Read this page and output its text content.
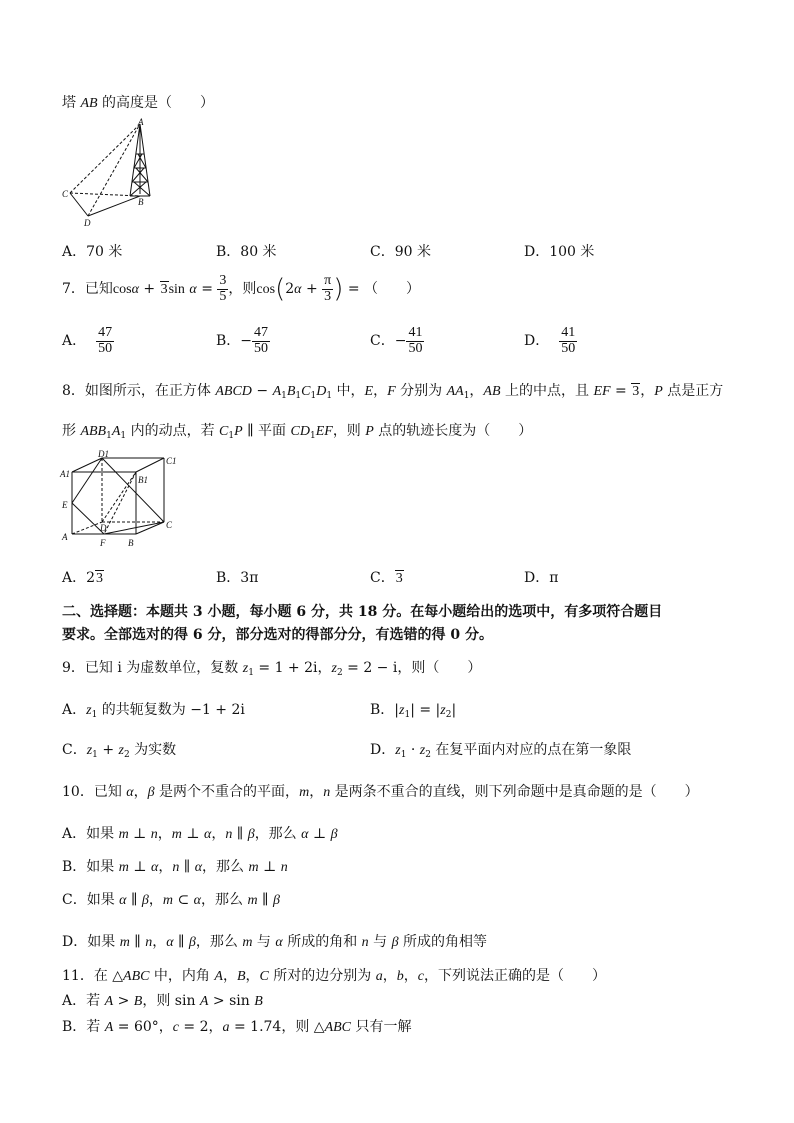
塔 AB 的高度是（　　）
A
B
C
D
A．70 米	B．80 米	C．90 米	D．100 米
7．已知cosα + 3sin $\alpha = \frac{3}{5}$ ，则$\cos(2\alpha + \frac{\pi}{3}$ ) = （　　）
A． $\frac{47}{50}$	B．− $\frac{47}{50}$	C．− $\frac{41}{50}$	D． $\frac{41}{50}$
8．如图所示，在正方体 ABCD − $A_1B_1C_1D_1$ 中，E，F 分别为 $AA_1$，AB 上的中点，且 EF = 3，P 点是正方
形 $ABB_1A_1$ 内的动点，若 $C_1P$ ∥ 平面 $CD_1EF$，则 P 点的轨迹长度为（　　）
A1
D1
C1
B1
E
D	C
A
F	B
A．23	B．3π	C．3	D．π
二、选择题：本题共 3 小题，每小题 6 分，共 18 分。在每小题给出的选项中，有多项符合题目
要求。全部选对的得 6 分，部分选对的得部分分，有选错的得 0 分。
9．已知 i 为虚数单位，复数 $z_1 = 1 + 2i$，$z_2 = 2 - i$，则（　　）
A．$z_1$ 的共轭复数为 −1 + 2i	B．$|z_1| = |z_2|$
C．$z_1 + z_2$ 为实数	D．$z_1 \cdot z_2$ 在复平面内对应的点在第一象限
10．已知 α，β 是两个不重合的平面，m，n 是两条不重合的直线，则下列命题中是真命题的是（　　）
A．如果 m ⊥ n，m ⊥ α，n ∥ β，那么 α ⊥ β
B．如果 m ⊥ α，n ∥ α，那么 m ⊥ n
C．如果 α ∥ β，m ⊂ α，那么 m ∥ β
D．如果 m ∥ n，α ∥ β，那么 m 与 α 所成的角和 n 与 β 所成的角相等
11．在 △ABC 中，内角 A，B，C 所对的边分别为 a，b，c，下列说法正确的是（　　）
A．若 A > B，则 sin A > sin B
B．若 A = 60°，c = 2，a = 1.74，则 △ABC 只有一解
